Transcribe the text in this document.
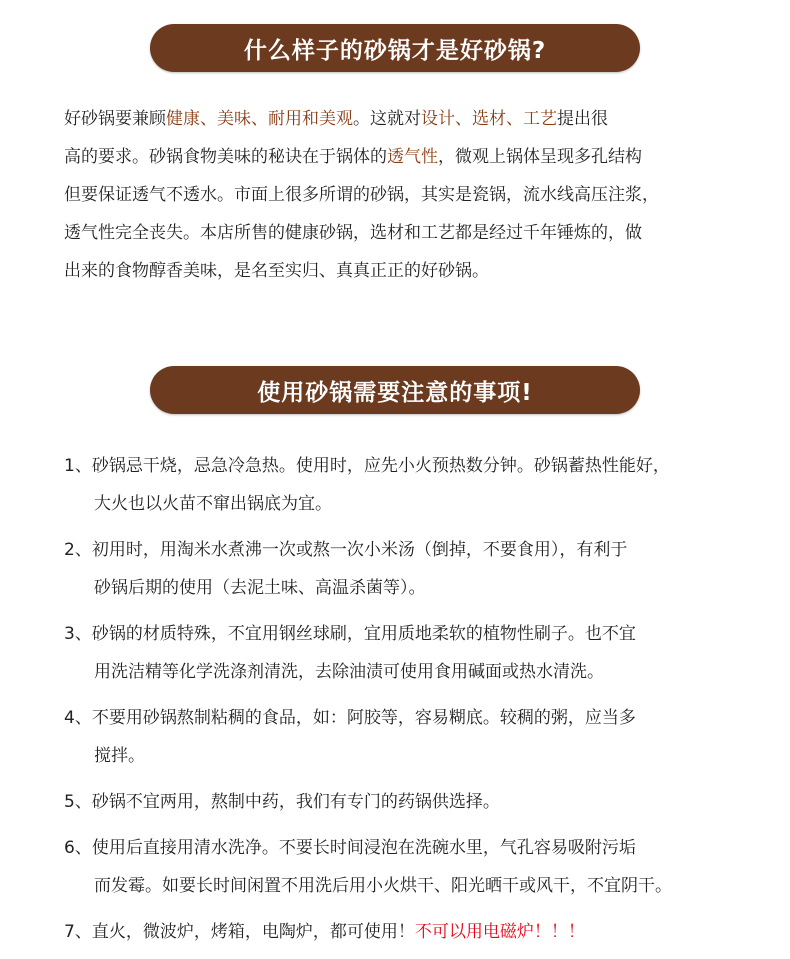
什么样子的砂锅才是好砂锅?
好砂锅要兼顾健康、美味、耐用和美观。这就对设计、选材、工艺提出很
高的要求。砂锅食物美味的秘诀在于锅体的透气性，微观上锅体呈现多孔结构
但要保证透气不透水。市面上很多所谓的砂锅，其实是瓷锅，流水线高压注浆，
透气性完全丧失。本店所售的健康砂锅，选材和工艺都是经过千年锤炼的，做
出来的食物醇香美味，是名至实归、真真正正的好砂锅。
使用砂锅需要注意的事项!
1、砂锅忌干烧，忌急冷急热。使用时，应先小火预热数分钟。砂锅蓄热性能好，
大火也以火苗不窜出锅底为宜。
2、初用时，用淘米水煮沸一次或熬一次小米汤（倒掉，不要食用），有利于
砂锅后期的使用（去泥土味、高温杀菌等）。
3、砂锅的材质特殊，不宜用钢丝球刷，宜用质地柔软的植物性刷子。也不宜
用洗洁精等化学洗涤剂清洗，去除油渍可使用食用碱面或热水清洗。
4、不要用砂锅熬制粘稠的食品，如：阿胶等，容易糊底。较稠的粥，应当多
搅拌。
5、砂锅不宜两用，熬制中药，我们有专门的药锅供选择。
6、使用后直接用清水洗净。不要长时间浸泡在洗碗水里，气孔容易吸附污垢
而发霉。如要长时间闲置不用洗后用小火烘干、阳光晒干或风干，不宜阴干。
7、直火，微波炉，烤箱，电陶炉，都可使用！不可以用电磁炉！！！
